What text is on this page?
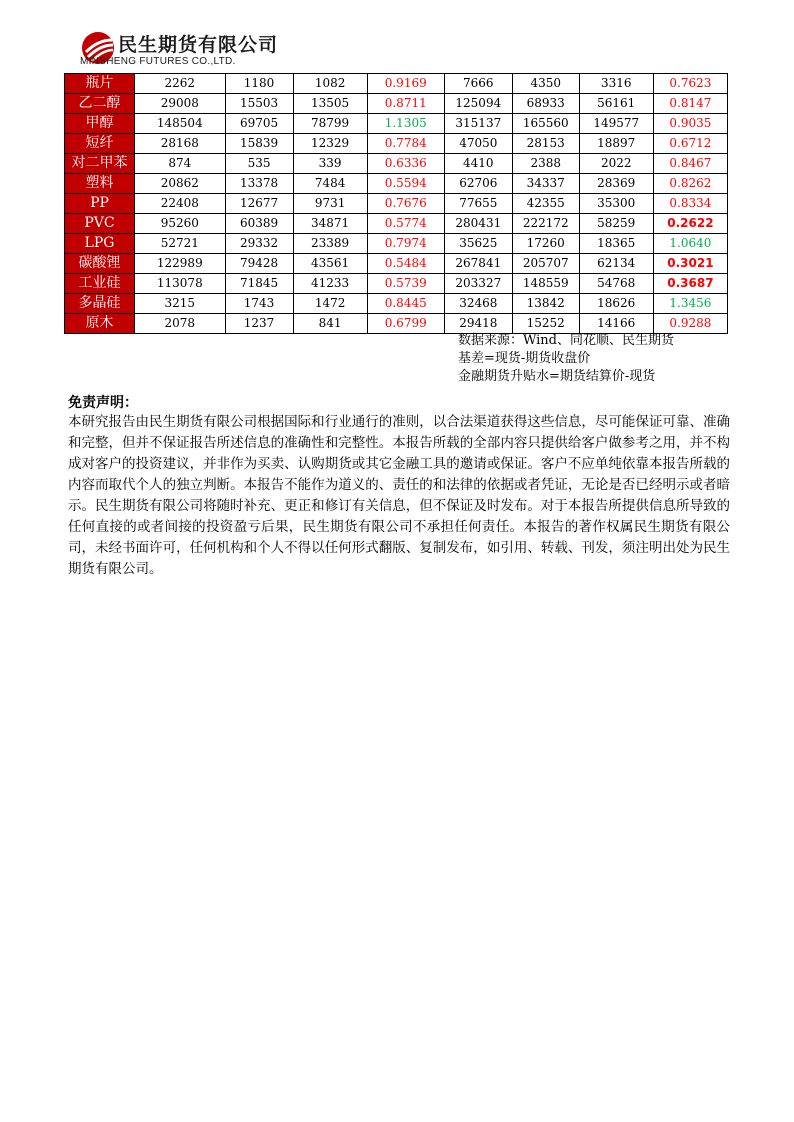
民生期货有限公司
MINSHENG FUTURES CO.,LTD.
瓶片	2262	1180	1082	0.9169	7666	4350	3316	0.7623
乙二醇	29008	15503	13505	0.8711	125094	68933	56161	0.8147
甲醇	148504	69705	78799	1.1305	315137	165560	149577	0.9035
短纤	28168	15839	12329	0.7784	47050	28153	18897	0.6712
对二甲苯	874	535	339	0.6336	4410	2388	2022	0.8467
塑料	20862	13378	7484	0.5594	62706	34337	28369	0.8262
PP	22408	12677	9731	0.7676	77655	42355	35300	0.8334
PVC	95260	60389	34871	0.5774	280431	222172	58259	0.2622
LPG	52721	29332	23389	0.7974	35625	17260	18365	1.0640
碳酸锂	122989	79428	43561	0.5484	267841	205707	62134	0.3021
工业硅	113078	71845	41233	0.5739	203327	148559	54768	0.3687
多晶硅	3215	1743	1472	0.8445	32468	13842	18626	1.3456
原木	2078	1237	841	0.6799	29418	15252	14166	0.9288
数据来源：Wind、同花顺、民生期货
基差=现货-期货收盘价
金融期货升贴水=期货结算价-现货
免责声明：
本研究报告由民生期货有限公司根据国际和行业通行的准则，以合法渠道获得这些信息，尽可能保证可靠、准确和完整，但并不保证报告所述信息的准确性和完整性。本报告所载的全部内容只提供给客户做参考之用，并不构成对客户的投资建议，并非作为买卖、认购期货或其它金融工具的邀请或保证。客户不应单纯依靠本报告所载的内容而取代个人的独立判断。本报告不能作为道义的、责任的和法律的依据或者凭证，无论是否已经明示或者暗示。民生期货有限公司将随时补充、更正和修订有关信息，但不保证及时发布。对于本报告所提供信息所导致的任何直接的或者间接的投资盈亏后果，民生期货有限公司不承担任何责任。本报告的著作权属民生期货有限公司，未经书面许可，任何机构和个人不得以任何形式翻版、复制发布，如引用、转载、刊发，须注明出处为民生期货有限公司。
